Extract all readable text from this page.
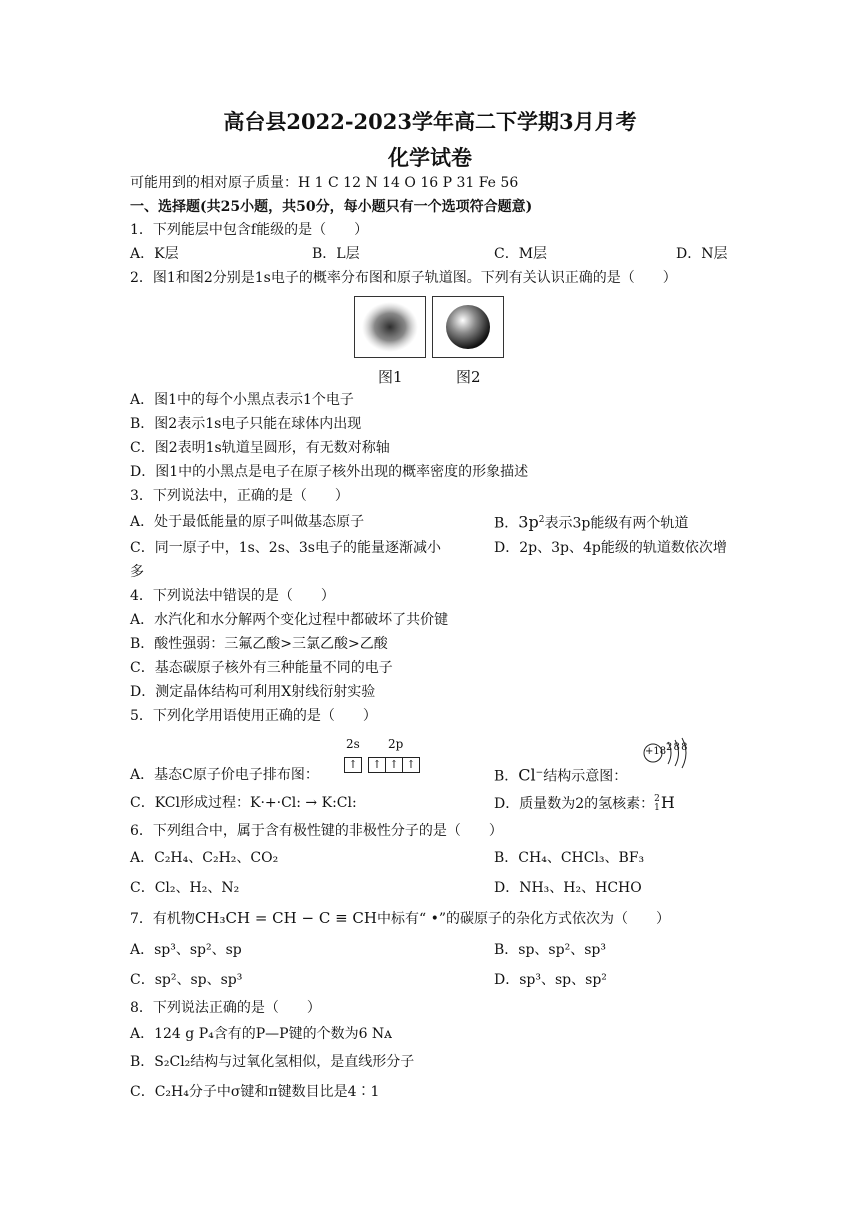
高台县2022-2023学年高二下学期3月月考
化学试卷
可能用到的相对原子质量：H 1 C 12 N 14 O 16 P 31 Fe 56
一、选择题(共25小题，共50分，每小题只有一个选项符合题意)
1．下列能层中包含f能级的是（　　）
A．K层	B．L层	C．M层	D．N层
2．图1和图2分别是1s电子的概率分布图和原子轨道图。下列有关认识正确的是（　　）
图1	图2
A．图1中的每个小黑点表示1个电子
B．图2表示1s电子只能在球体内出现
C．图2表明1s轨道呈圆形，有无数对称轴
D．图1中的小黑点是电子在原子核外出现的概率密度的形象描述
3．下列说法中，正确的是（　　）
A．处于最低能量的原子叫做基态原子	B．$3p^2$表示3p能级有两个轨道
C．同一原子中，1s、2s、3s电子的能量逐渐减小	D．2p、3p、4p能级的轨道数依次增
多
4．下列说法中错误的是（　　）
A．水汽化和水分解两个变化过程中都破坏了共价键
B．酸性强弱：三氟乙酸>三氯乙酸>乙酸
C．基态碳原子核外有三种能量不同的电子
D．测定晶体结构可利用X射线衍射实验
5．下列化学用语使用正确的是（　　）
A．基态C原子价电子排布图：
2s 2p
↑ ↑ ↑ ↑
B．Cl−结构示意图：
+18 2 8 8
C．KCl形成过程：K·+·Cl: → K:Cl:	D．质量数为2的氢核素： 2
1 H
6．下列组合中，属于含有极性键的非极性分子的是（　　）
A．C₂H₄、C₂H₂、CO₂	B．CH₄、CHCl₃、BF₃
C．Cl₂、H₂、N₂	D．NH₃、H₂、HCHO
7．有机物CH₃CH = CH − C ≡ CH中标有“ •”的碳原子的杂化方式依次为（　　）
A．sp³、sp²、sp	B．sp、sp²、sp³
C．sp²、sp、sp³	D．sp³、sp、sp²
8．下列说法正确的是（　　）
A．124 g P₄含有的P—P键的个数为6 Nᴀ
B．S₂Cl₂结构与过氧化氢相似，是直线形分子
C．C₂H₄分子中σ键和π键数目比是4∶1
